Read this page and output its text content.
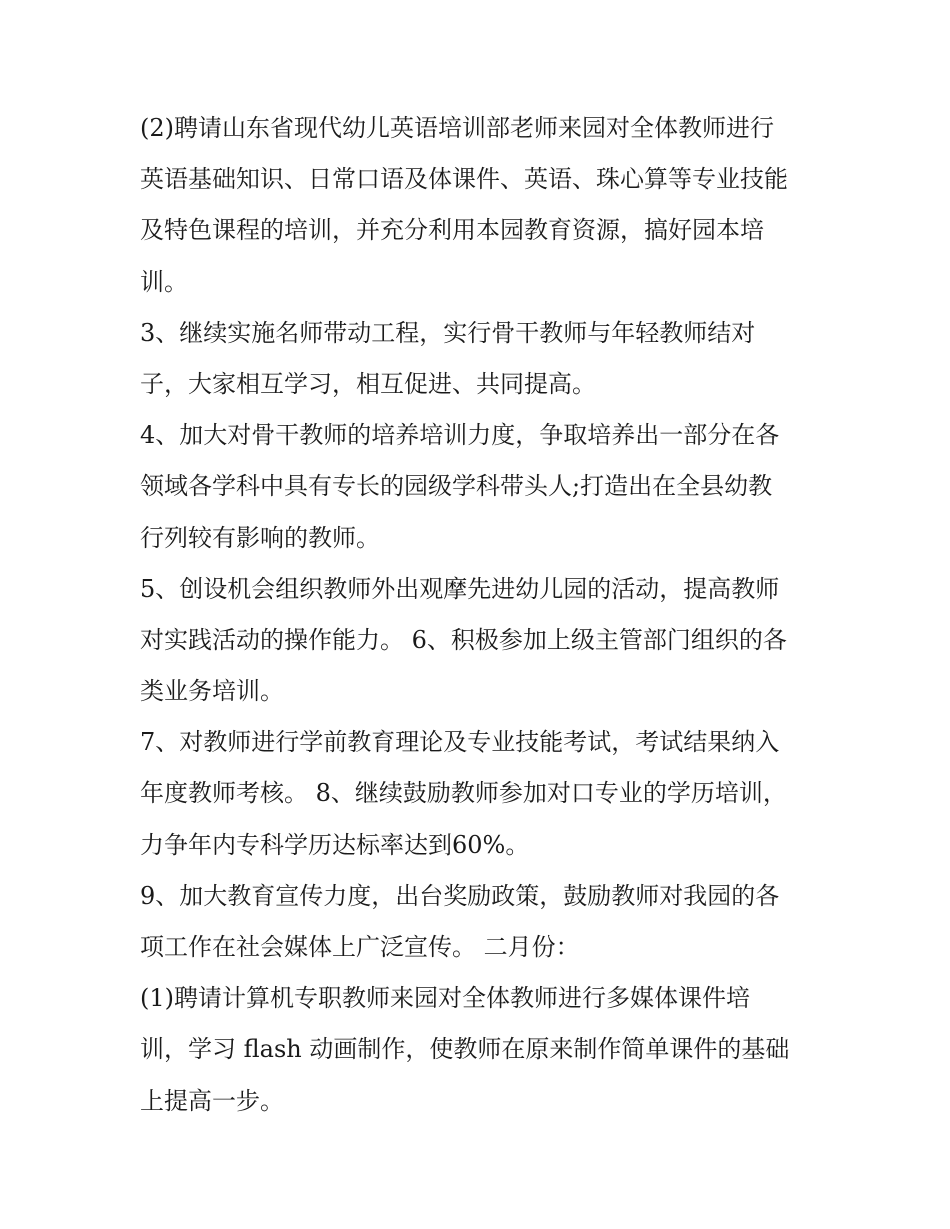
(2)聘请山东省现代幼儿英语培训部老师来园对全体教师进行
英语基础知识、日常口语及体课件、英语、珠心算等专业技能
及特色课程的培训，并充分利用本园教育资源，搞好园本培
训。

3、继续实施名师带动工程，实行骨干教师与年轻教师结对
子，大家相互学习，相互促进、共同提高。

4、加大对骨干教师的培养培训力度，争取培养出一部分在各
领域各学科中具有专长的园级学科带头人;打造出在全县幼教
行列较有影响的教师。

5、创设机会组织教师外出观摩先进幼儿园的活动，提高教师
对实践活动的操作能力。 6、积极参加上级主管部门组织的各
类业务培训。

7、对教师进行学前教育理论及专业技能考试，考试结果纳入
年度教师考核。 8、继续鼓励教师参加对口专业的学历培训，
力争年内专科学历达标率达到60%。

9、加大教育宣传力度，出台奖励政策，鼓励教师对我园的各
项工作在社会媒体上广泛宣传。 二月份：

(1)聘请计算机专职教师来园对全体教师进行多媒体课件培
训，学习 flash 动画制作，使教师在原来制作简单课件的基础
上提高一步。
